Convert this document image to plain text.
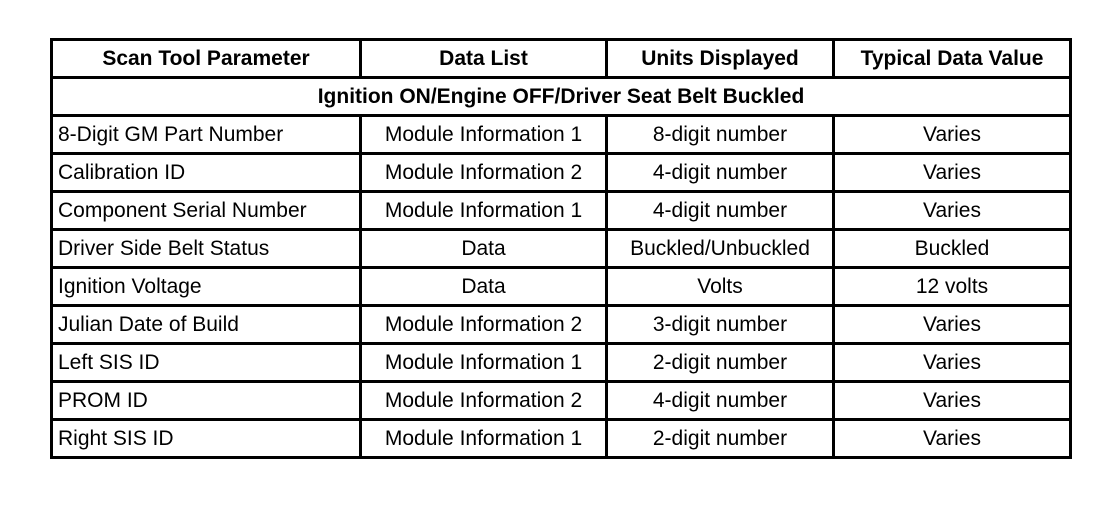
Scan Tool Parameter	Data List	Units Displayed	Typical Data Value
Ignition ON/Engine OFF/Driver Seat Belt Buckled			
8-Digit GM Part Number	Module Information 1	8-digit number	Varies
Calibration ID	Module Information 2	4-digit number	Varies
Component Serial Number	Module Information 1	4-digit number	Varies
Driver Side Belt Status	Data	Buckled/Unbuckled	Buckled
Ignition Voltage	Data	Volts	12 volts
Julian Date of Build	Module Information 2	3-digit number	Varies
Left SIS ID	Module Information 1	2-digit number	Varies
PROM ID	Module Information 2	4-digit number	Varies
Right SIS ID	Module Information 1	2-digit number	Varies
